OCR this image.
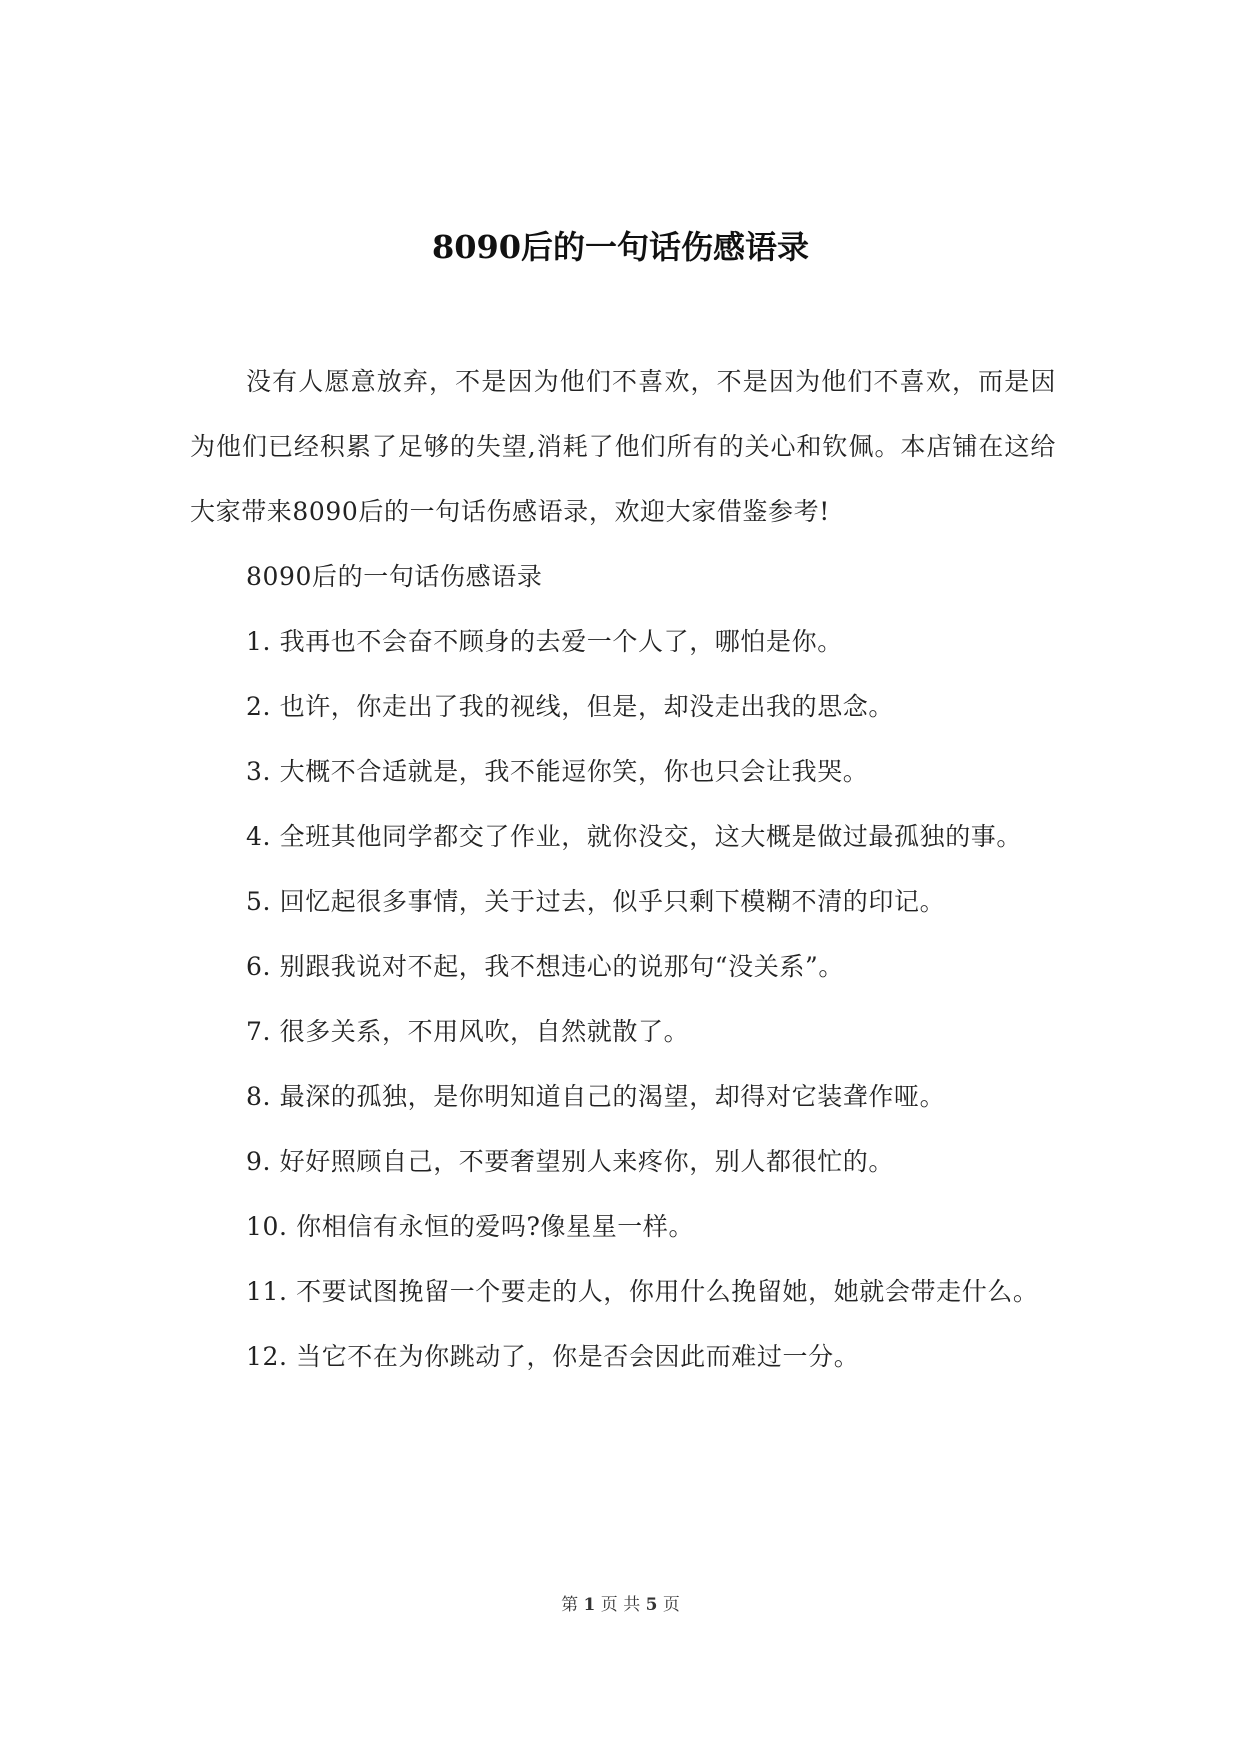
8090后的一句话伤感语录

没有人愿意放弃，不是因为他们不喜欢，不是因为他们不喜欢，而是因为他们已经积累了足够的失望,消耗了他们所有的关心和钦佩。本店铺在这给大家带来8090后的一句话伤感语录，欢迎大家借鉴参考!

8090后的一句话伤感语录

1. 我再也不会奋不顾身的去爱一个人了，哪怕是你。

2. 也许，你走出了我的视线，但是，却没走出我的思念。

3. 大概不合适就是，我不能逗你笑，你也只会让我哭。

4. 全班其他同学都交了作业，就你没交，这大概是做过最孤独的事。

5. 回忆起很多事情，关于过去，似乎只剩下模糊不清的印记。

6. 别跟我说对不起，我不想违心的说那句“没关系”。

7. 很多关系，不用风吹，自然就散了。

8. 最深的孤独，是你明知道自己的渴望，却得对它装聋作哑。

9. 好好照顾自己，不要奢望别人来疼你，别人都很忙的。

10. 你相信有永恒的爱吗?像星星一样。

11. 不要试图挽留一个要走的人，你用什么挽留她，她就会带走什么。

12. 当它不在为你跳动了，你是否会因此而难过一分。

第 1 页 共 5 页
